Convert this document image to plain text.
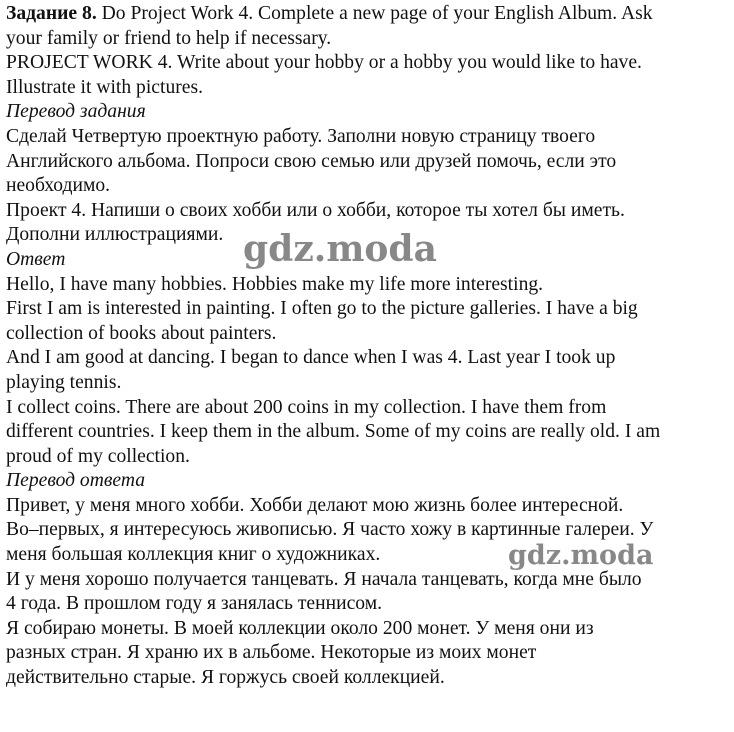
Задание 8. Do Project Work 4. Complete a new page of your English Album. Ask
your family or friend to help if necessary.
PROJECT WORK 4. Write about your hobby or a hobby you would like to have.
Illustrate it with pictures.
Перевод задания
Сделай Четвертую проектную работу. Заполни новую страницу твоего
Английского альбома. Попроси свою семью или друзей помочь, если это
необходимо.
Проект 4. Напиши о своих хобби или о хобби, которое ты хотел бы иметь.
Дополни иллюстрациями.
Ответ
Hello, I have many hobbies. Hobbies make my life more interesting.
First I am is interested in painting. I often go to the picture galleries. I have a big
collection of books about painters.
And I am good at dancing. I began to dance when I was 4. Last year I took up
playing tennis.
I collect coins. There are about 200 coins in my collection. I have them from
different countries. I keep them in the album. Some of my coins are really old. I am
proud of my collection.
Перевод ответа
Привет, у меня много хобби. Хобби делают мою жизнь более интересной.
Во–первых, я интересуюсь живописью. Я часто хожу в картинные галереи. У
меня большая коллекция книг о художниках.
И у меня хорошо получается танцевать. Я начала танцевать, когда мне было
4 года. В прошлом году я занялась теннисом.
Я собираю монеты. В моей коллекции около 200 монет. У меня они из
разных стран. Я храню их в альбоме. Некоторые из моих монет
действительно старые. Я горжусь своей коллекцией.
gdz.moda
gdz.moda
